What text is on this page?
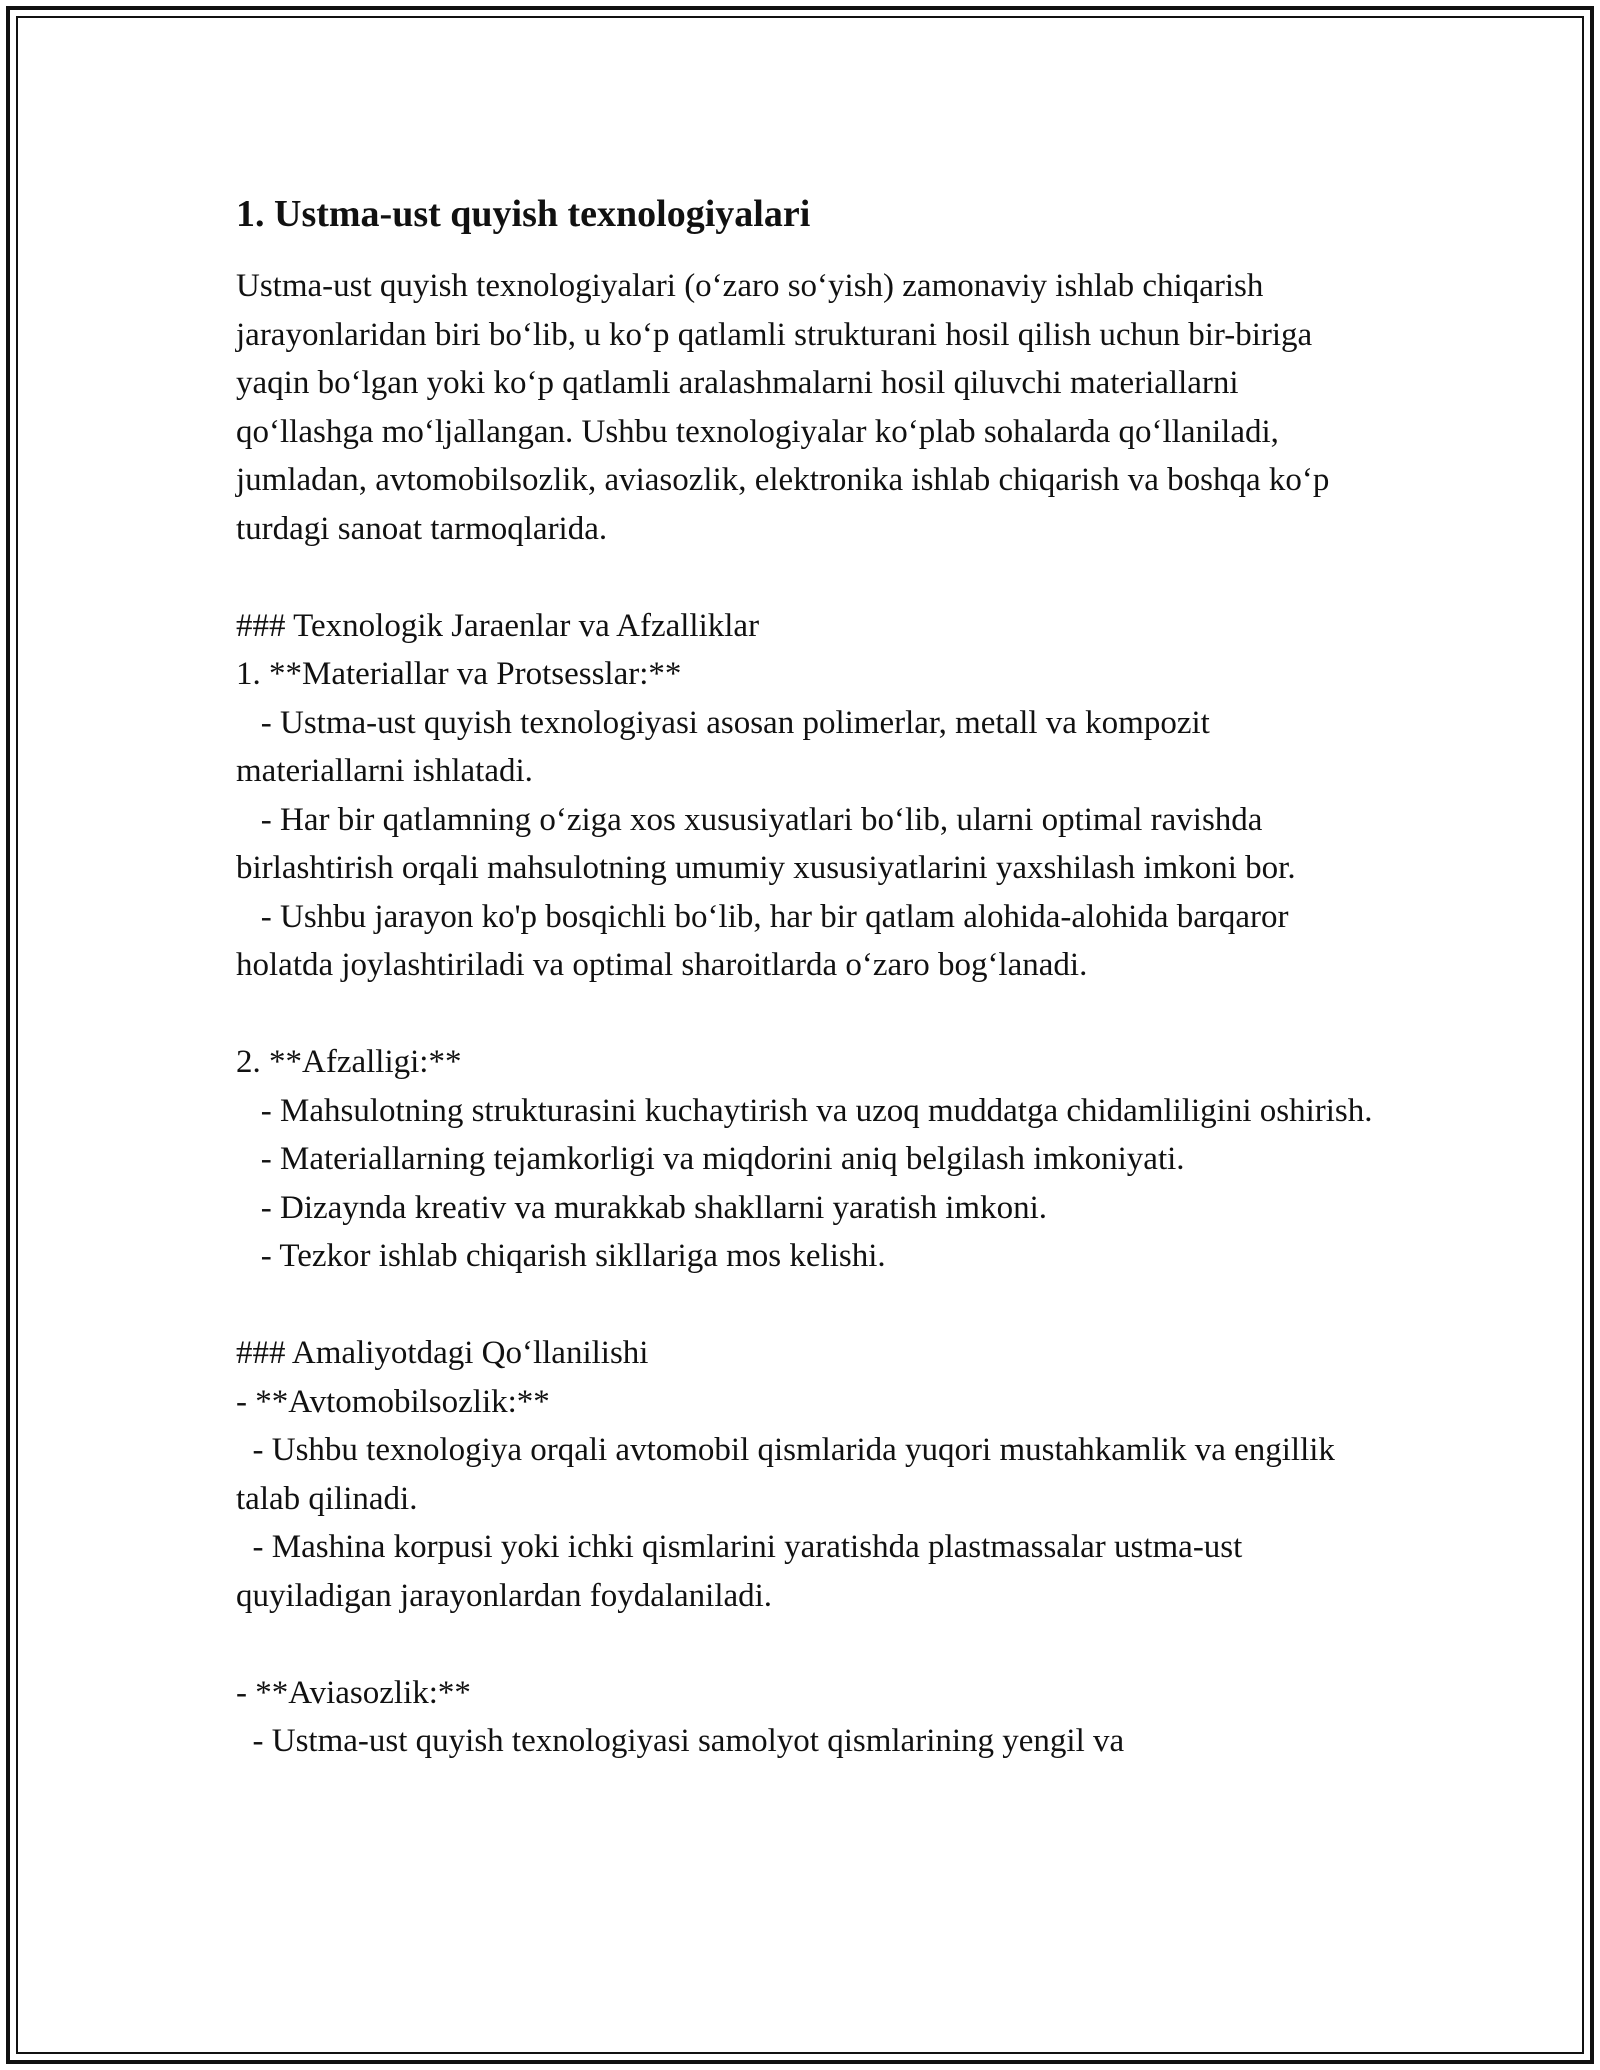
1. Ustma-ust quyish texnologiyalari

Ustma-ust quyish texnologiyalari (o‘zaro so‘yish) zamonaviy ishlab chiqarish jarayonlaridan biri bo‘lib, u ko‘p qatlamli strukturani hosil qilish uchun bir-biriga yaqin bo‘lgan yoki ko‘p qatlamli aralashmalarni hosil qiluvchi materiallarni qo‘llashga mo‘ljallangan. Ushbu texnologiyalar ko‘plab sohalarda qo‘llaniladi, jumladan, avtomobilsozlik, aviasozlik, elektronika ishlab chiqarish va boshqa ko‘p turdagi sanoat tarmoqlarida.

### Texnologik Jaraenlar va Afzalliklar

1. **Materiallar va Protsesslar:**

- Ustma-ust quyish texnologiyasi asosan polimerlar, metall va kompozit materiallarni ishlatadi.

- Har bir qatlamning o‘ziga xos xususiyatlari bo‘lib, ularni optimal ravishda birlashtirish orqali mahsulotning umumiy xususiyatlarini yaxshilash imkoni bor.

- Ushbu jarayon ko'p bosqichli bo‘lib, har bir qatlam alohida-alohida barqaror holatda joylashtiriladi va optimal sharoitlarda o‘zaro bog‘lanadi.

2. **Afzalligi:**

- Mahsulotning strukturasini kuchaytirish va uzoq muddatga chidamliligini oshirish.

- Materiallarning tejamkorligi va miqdorini aniq belgilash imkoniyati.

- Dizaynda kreativ va murakkab shakllarni yaratish imkoni.

- Tezkor ishlab chiqarish sikllariga mos kelishi.

### Amaliyotdagi Qo‘llanilishi

- **Avtomobilsozlik:**

- Ushbu texnologiya orqali avtomobil qismlarida yuqori mustahkamlik va engillik talab qilinadi.

- Mashina korpusi yoki ichki qismlarini yaratishda plastmassalar ustma-ust quyiladigan jarayonlardan foydalaniladi.

- **Aviasozlik:**

- Ustma-ust quyish texnologiyasi samolyot qismlarining yengil va
